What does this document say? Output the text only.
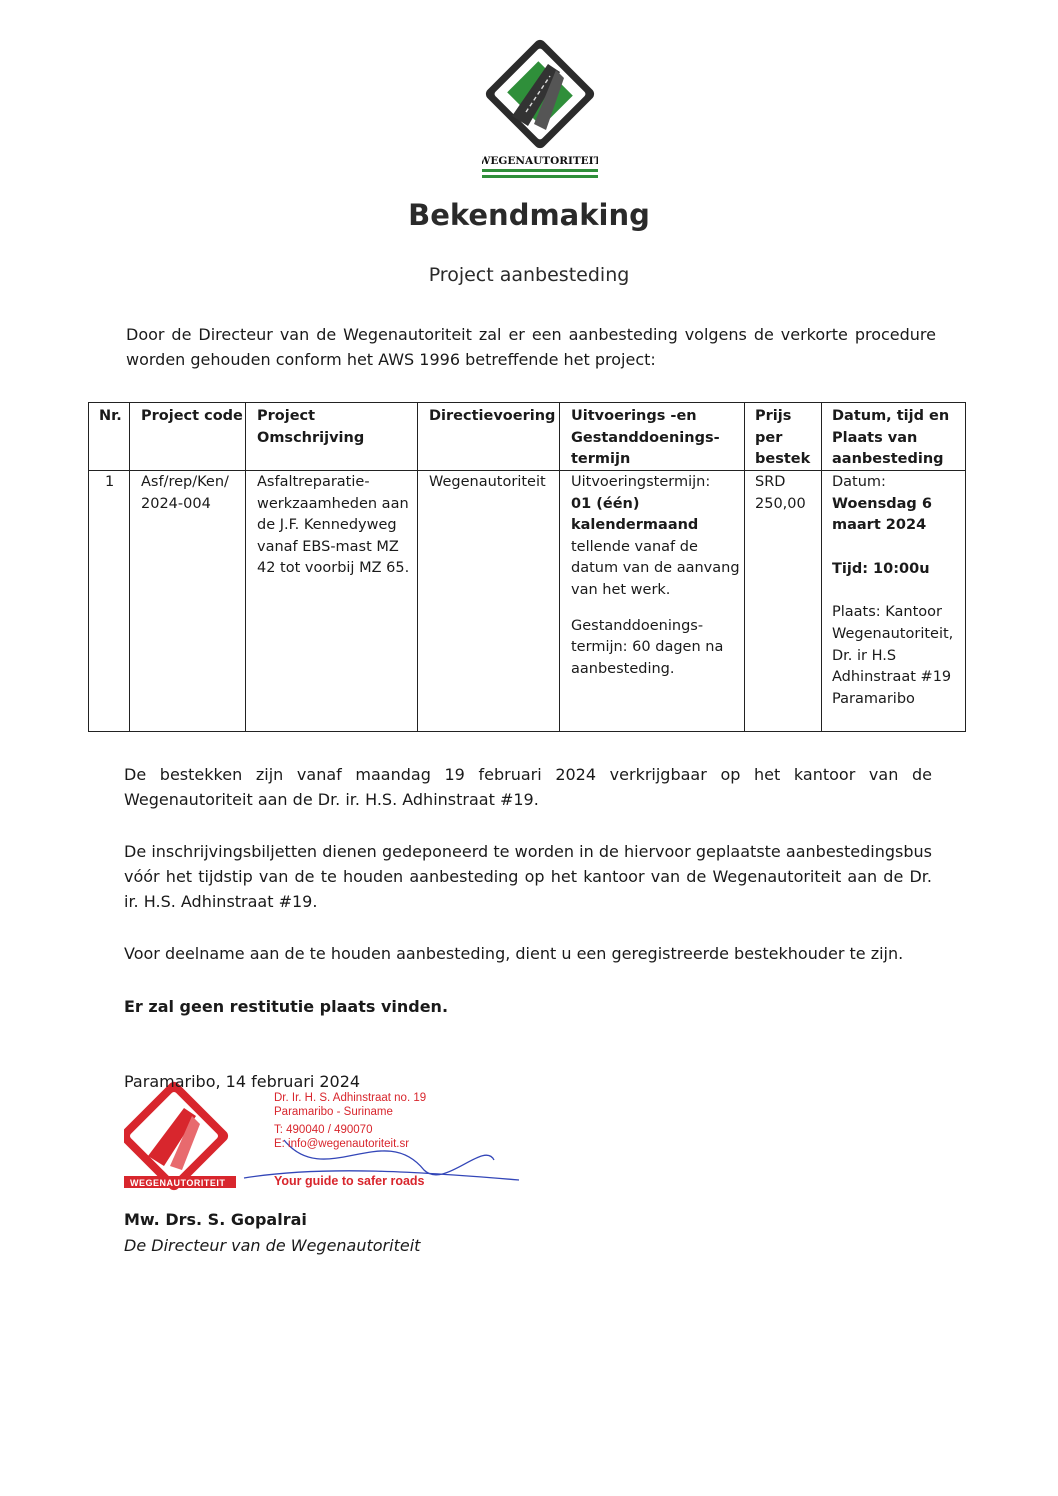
WEGENAUTORITEIT
Bekendmaking
Project aanbesteding
Door de Directeur van de Wegenautoriteit zal er een aanbesteding volgens de verkorte procedure worden gehouden conform het AWS 1996 betreffende het project:
Nr. Project code Project
Omschrijving
Directievoering Uitvoerings -en
Gestanddoenings-
termijn
Prijs
per
bestek
Datum, tijd en
Plaats van
aanbesteding
1 Asf/rep/Ken/
2024-004
Asfaltreparatie-
werkzaamheden aan
de J.F. Kennedyweg
vanaf EBS-mast MZ
42 tot voorbij MZ 65.
Wegenautoriteit Uitvoeringstermijn:
01 (één)
kalendermaand
tellende vanaf de
datum van de aanvang
van het werk.
Gestanddoenings-
termijn: 60 dagen na
aanbesteding.
SRD
250,00
Datum:
Woensdag 6
maart 2024
Tijd: 10:00u
Plaats: Kantoor
Wegenautoriteit,
Dr. ir H.S
Adhinstraat #19
Paramaribo
De bestekken zijn vanaf maandag 19 februari 2024 verkrijgbaar op het kantoor van de Wegenautoriteit aan de Dr. ir. H.S. Adhinstraat #19.
De inschrijvingsbiljetten dienen gedeponeerd te worden in de hiervoor geplaatste aanbestedingsbus vóór het tijdstip van de te houden aanbesteding op het kantoor van de Wegenautoriteit aan de Dr. ir. H.S. Adhinstraat #19.
Voor deelname aan de te houden aanbesteding, dient u een geregistreerde bestekhouder te zijn.
Er zal geen restitutie plaats vinden.
Dr. Ir. H. S. Adhinstraat no. 19
Paramaribo - Suriname
T: 490040 / 490070
E: info@wegenautoriteit.sr
WEGENAUTORITEIT	Your guide to safer roads
Paramaribo, 14 februari 2024
Mw. Drs. S. Gopalrai
De Directeur van de Wegenautoriteit
